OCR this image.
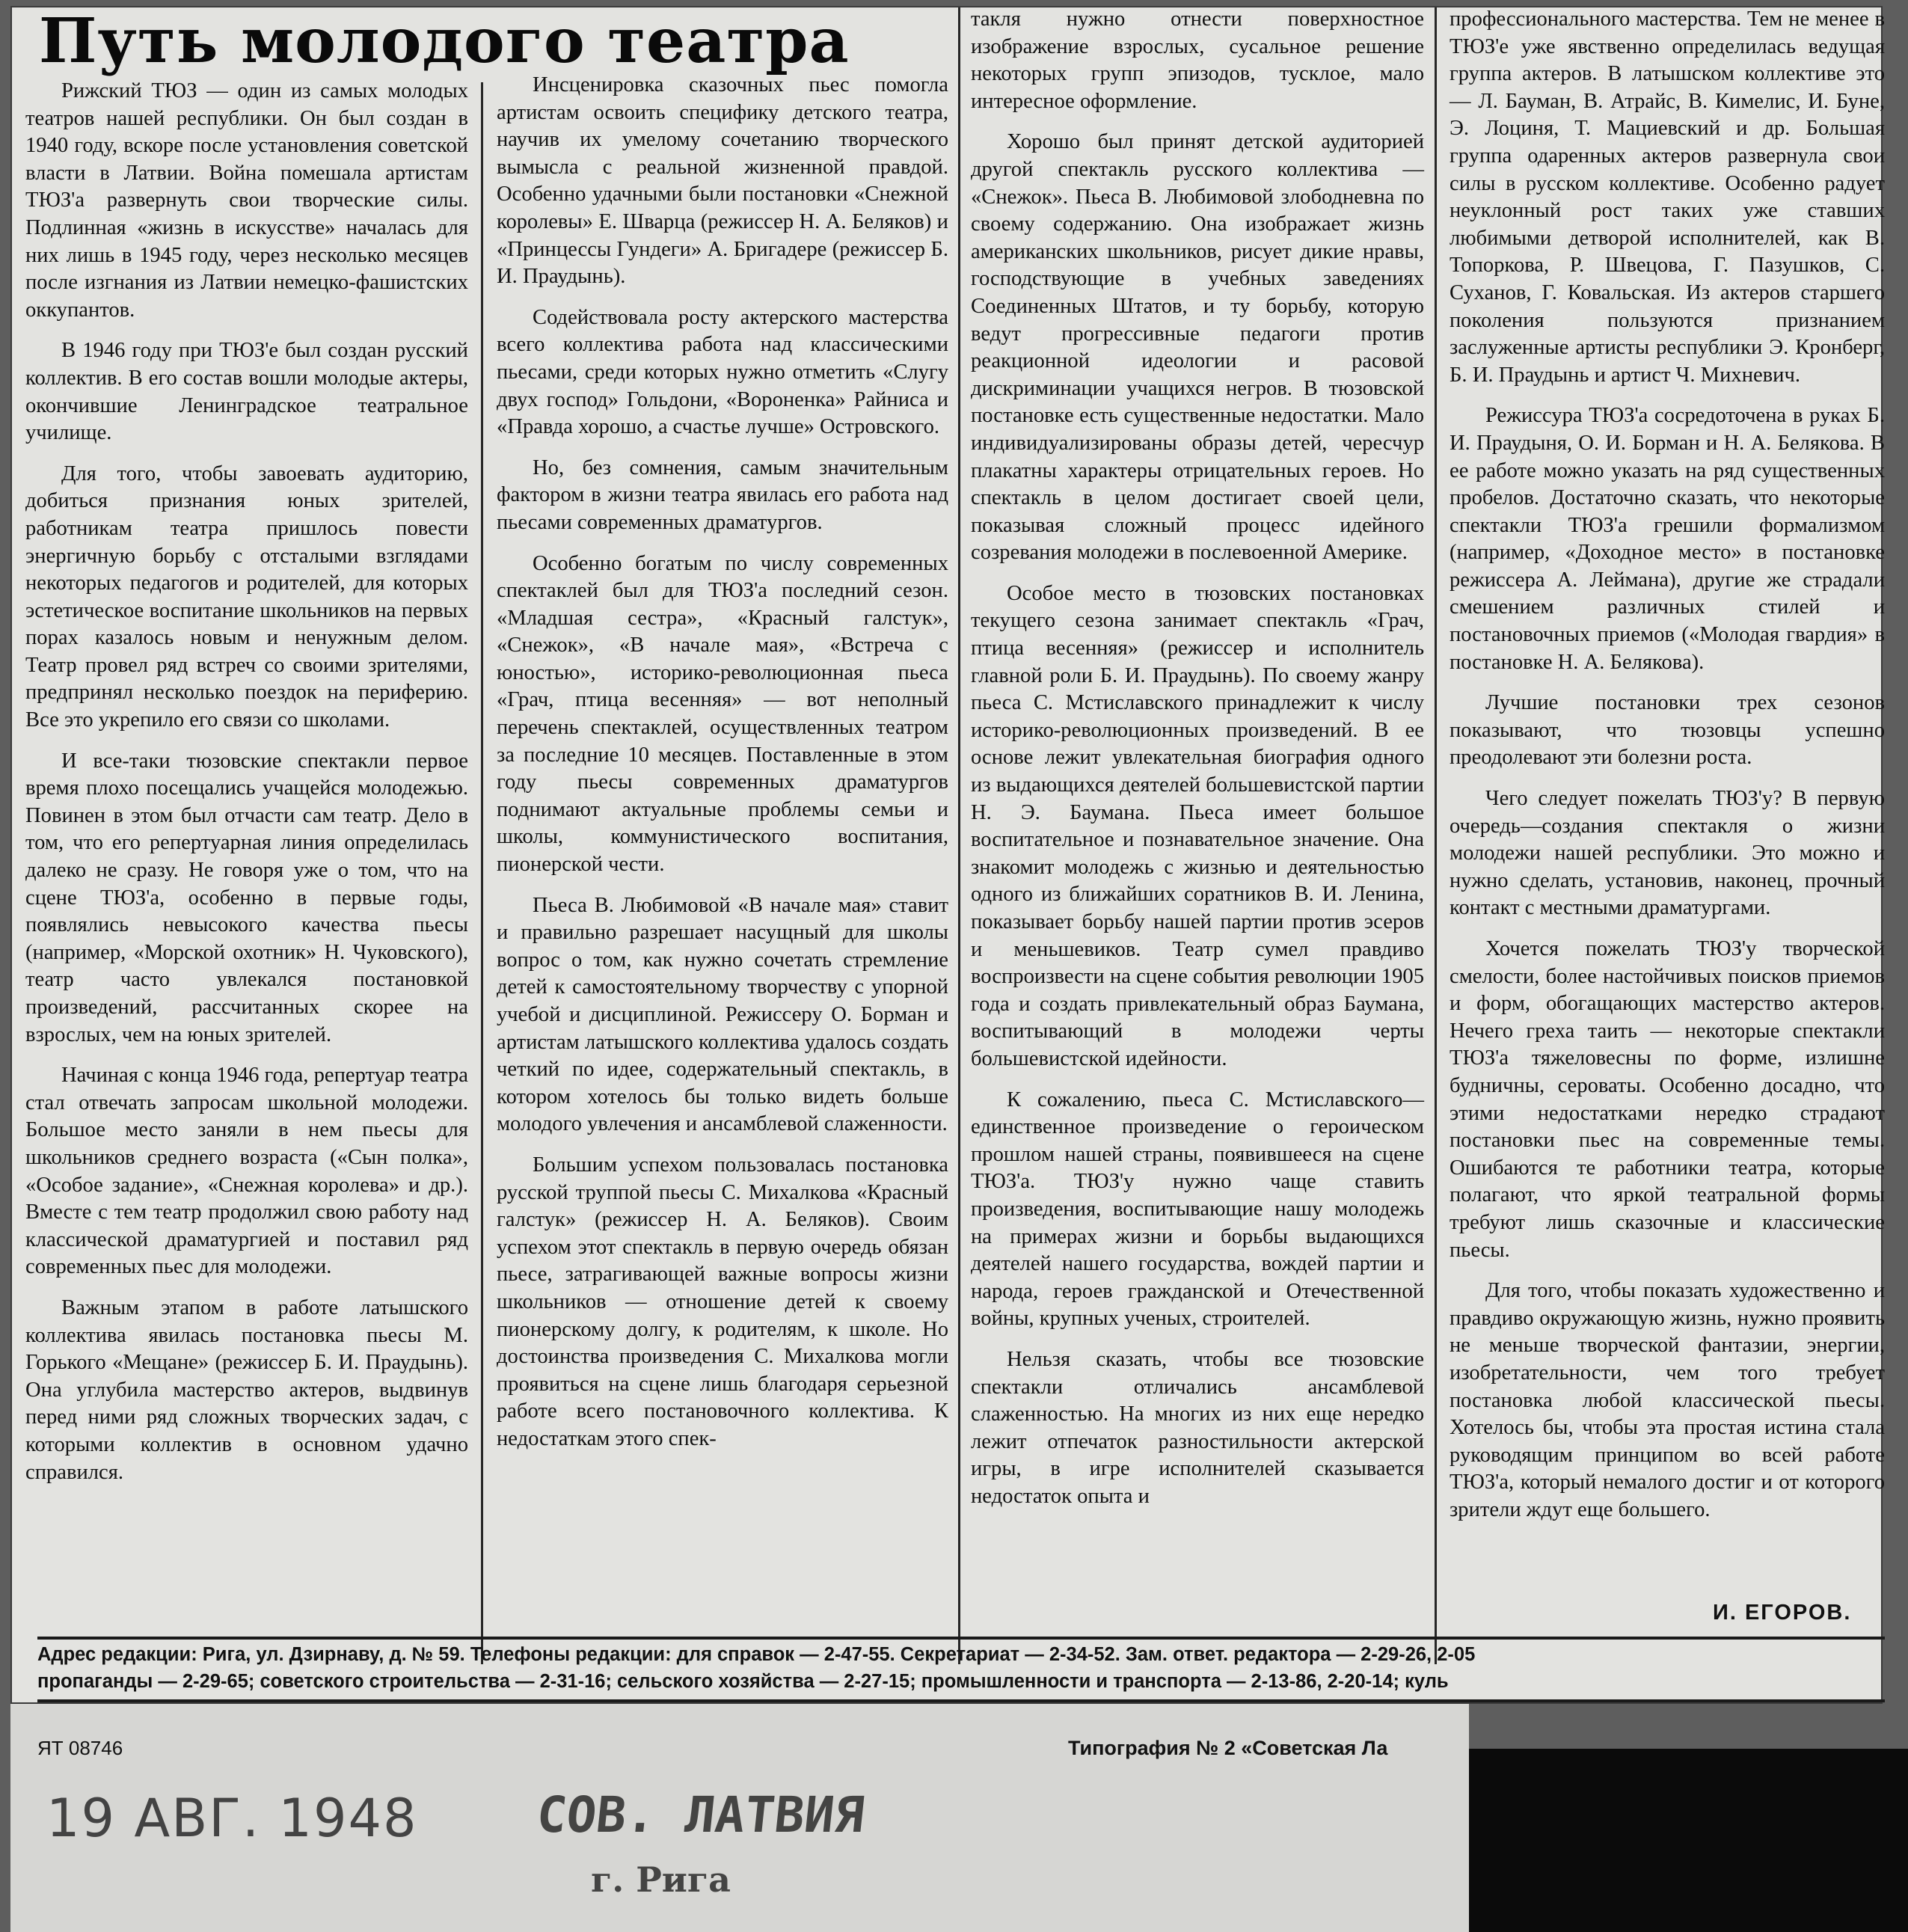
Путь молодого театра

Рижский ТЮЗ — один из самых молодых театров нашей республики. Он был создан в 1940 году, вскоре после установления советской власти в Латвии. Война помешала артистам ТЮЗ'а развернуть свои творческие силы. Подлинная «жизнь в искусстве» началась для них лишь в 1945 году, через несколько месяцев после изгнания из Латвии немецко-фашистских оккупантов.

В 1946 году при ТЮЗ'е был создан русский коллектив. В его состав вошли молодые актеры, окончившие Ленинградское театральное училище.

Для того, чтобы завоевать аудиторию, добиться признания юных зрителей, работникам театра пришлось повести энергичную борьбу с отсталыми взглядами некоторых педагогов и родителей, для которых эстетическое воспитание школьников на первых порах казалось новым и ненужным делом. Театр провел ряд встреч со своими зрителями, предпринял несколько поездок на периферию. Все это укрепило его связи со школами.

И все-таки тюзовские спектакли первое время плохо посещались учащейся молодежью. Повинен в этом был отчасти сам театр. Дело в том, что его репертуарная линия определилась далеко не сразу. Не говоря уже о том, что на сцене ТЮЗ'а, особенно в первые годы, появлялись невысокого качества пьесы (например, «Морской охотник» Н. Чуковского), театр часто увлекался постановкой произведений, рассчитанных скорее на взрослых, чем на юных зрителей.

Начиная с конца 1946 года, репертуар театра стал отвечать запросам школьной молодежи. Большое место заняли в нем пьесы для школьников среднего возраста («Сын полка», «Особое задание», «Снежная королева» и др.). Вместе с тем театр продолжил свою работу над классической драматургией и поставил ряд современных пьес для молодежи.

Важным этапом в работе латышского коллектива явилась постановка пьесы М. Горького «Мещане» (режиссер Б. И. Праудынь). Она углубила мастерство актеров, выдвинув перед ними ряд сложных творческих задач, с которыми коллектив в основном удачно справился.

Инсценировка сказочных пьес помогла артистам освоить специфику детского театра, научив их умелому сочетанию творческого вымысла с реальной жизненной правдой. Особенно удачными были постановки «Снежной королевы» Е. Шварца (режиссер Н. А. Беляков) и «Принцессы Гундеги» А. Бригадере (режиссер Б. И. Праудынь).

Содействовала росту актерского мастерства всего коллектива работа над классическими пьесами, среди которых нужно отметить «Слугу двух господ» Гольдони, «Вороненка» Райниса и «Правда хорошо, а счастье лучше» Островского.

Но, без сомнения, самым значительным фактором в жизни театра явилась его работа над пьесами современных драматургов.

Особенно богатым по числу современных спектаклей был для ТЮЗ'а последний сезон. «Младшая сестра», «Красный галстук», «Снежок», «В начале мая», «Встреча с юностью», историко-революционная пьеса «Грач, птица весенняя» — вот неполный перечень спектаклей, осуществленных театром за последние 10 месяцев. Поставленные в этом году пьесы современных драматургов поднимают актуальные проблемы семьи и школы, коммунистического воспитания, пионерской чести.

Пьеса В. Любимовой «В начале мая» ставит и правильно разрешает насущный для школы вопрос о том, как нужно сочетать стремление детей к самостоятельному творчеству с упорной учебой и дисциплиной. Режиссеру О. Борман и артистам латышского коллектива удалось создать четкий по идее, содержательный спектакль, в котором хотелось бы только видеть больше молодого увлечения и ансамблевой слаженности.

Большим успехом пользовалась постановка русской труппой пьесы С. Михалкова «Красный галстук» (режиссер Н. А. Беляков). Своим успехом этот спектакль в первую очередь обязан пьесе, затрагивающей важные вопросы жизни школьников — отношение детей к своему пионерскому долгу, к родителям, к школе. Но достоинства произведения С. Михалкова могли проявиться на сцене лишь благодаря серьезной работе всего постановочного коллектива. К недостаткам этого спек-

такля нужно отнести поверхностное изображение взрослых, сусальное решение некоторых групп эпизодов, тусклое, мало интересное оформление.

Хорошо был принят детской аудиторией другой спектакль русского коллектива — «Снежок». Пьеса В. Любимовой злободневна по своему содержанию. Она изображает жизнь американских школьников, рисует дикие нравы, господствующие в учебных заведениях Соединенных Штатов, и ту борьбу, которую ведут прогрессивные педагоги против реакционной идеологии и расовой дискриминации учащихся негров. В тюзовской постановке есть существенные недостатки. Мало индивидуализированы образы детей, чересчур плакатны характеры отрицательных героев. Но спектакль в целом достигает своей цели, показывая сложный процесс идейного созревания молодежи в послевоенной Америке.

Особое место в тюзовских постановках текущего сезона занимает спектакль «Грач, птица весенняя» (режиссер и исполнитель главной роли Б. И. Праудынь). По своему жанру пьеса С. Мстиславского принадлежит к числу историко-революционных произведений. В ее основе лежит увлекательная биография одного из выдающихся деятелей большевистской партии Н. Э. Баумана. Пьеса имеет большое воспитательное и познавательное значение. Она знакомит молодежь с жизнью и деятельностью одного из ближайших соратников В. И. Ленина, показывает борьбу нашей партии против эсеров и меньшевиков. Театр сумел правдиво воспроизвести на сцене события революции 1905 года и создать привлекательный образ Баумана, воспитывающий в молодежи черты большевистской идейности.

К сожалению, пьеса С. Мстиславского—единственное произведение о героическом прошлом нашей страны, появившееся на сцене ТЮЗ'а. ТЮЗ'у нужно чаще ставить произведения, воспитывающие нашу молодежь на примерах жизни и борьбы выдающихся деятелей нашего государства, вождей партии и народа, героев гражданской и Отечественной войны, крупных ученых, строителей.

Нельзя сказать, чтобы все тюзовские спектакли отличались ансамблевой слаженностью. На многих из них еще нередко лежит отпечаток разностильности актерской игры, в игре исполнителей сказывается недостаток опыта и

профессионального мастерства. Тем не менее в ТЮЗ'е уже явственно определилась ведущая группа актеров. В латышском коллективе это — Л. Бауман, В. Атрайс, В. Кимелис, И. Буне, Э. Лоциня, Т. Мациевский и др. Большая группа одаренных актеров развернула свои силы в русском коллективе. Особенно радует неуклонный рост таких уже ставших любимыми детворой исполнителей, как В. Топоркова, Р. Швецова, Г. Пазушков, С. Суханов, Г. Ковальская. Из актеров старшего поколения пользуются признанием заслуженные артисты республики Э. Кронберг, Б. И. Праудынь и артист Ч. Михневич.

Режиссура ТЮЗ'а сосредоточена в руках Б. И. Праудыня, О. И. Борман и Н. А. Белякова. В ее работе можно указать на ряд существенных пробелов. Достаточно сказать, что некоторые спектакли ТЮЗ'а грешили формализмом (например, «Доходное место» в постановке режиссера А. Леймана), другие же страдали смешением различных стилей и постановочных приемов («Молодая гвардия» в постановке Н. А. Белякова).

Лучшие постановки трех сезонов показывают, что тюзовцы успешно преодолевают эти болезни роста.

Чего следует пожелать ТЮЗ'у? В первую очередь—создания спектакля о жизни молодежи нашей республики. Это можно и нужно сделать, установив, наконец, прочный контакт с местными драматургами.

Хочется пожелать ТЮЗ'у творческой смелости, более настойчивых поисков приемов и форм, обогащающих мастерство актеров. Нечего греха таить — некоторые спектакли ТЮЗ'а тяжеловесны по форме, излишне будничны, сероваты. Особенно досадно, что этими недостатками нередко страдают постановки пьес на современные темы. Ошибаются те работники театра, которые полагают, что яркой театральной формы требуют лишь сказочные и классические пьесы.

Для того, чтобы показать художественно и правдиво окружающую жизнь, нужно проявить не меньше творческой фантазии, энергии, изобретательности, чем того требует постановка любой классической пьесы. Хотелось бы, чтобы эта простая истина стала руководящим принципом во всей работе ТЮЗ'а, который немалого достиг и от которого зрители ждут еще большего.

И. ЕГОРОВ.
Адрес редакции: Рига, ул. Дзирнаву, д. № 59. Телефоны редакции: для справок — 2-47-55. Секретариат — 2-34-52. Зам. ответ. редактора — 2-29-26, 2-05
пропаганды — 2-29-65; советского строительства — 2-31-16; сельского хозяйства — 2-27-15; промышленности и транспорта — 2-13-86, 2-20-14; куль
ЯТ 08746	Типография № 2 «Советская Ла
19 АВГ. 1948 СОВ. ЛАТВИЯ
г. Рига
